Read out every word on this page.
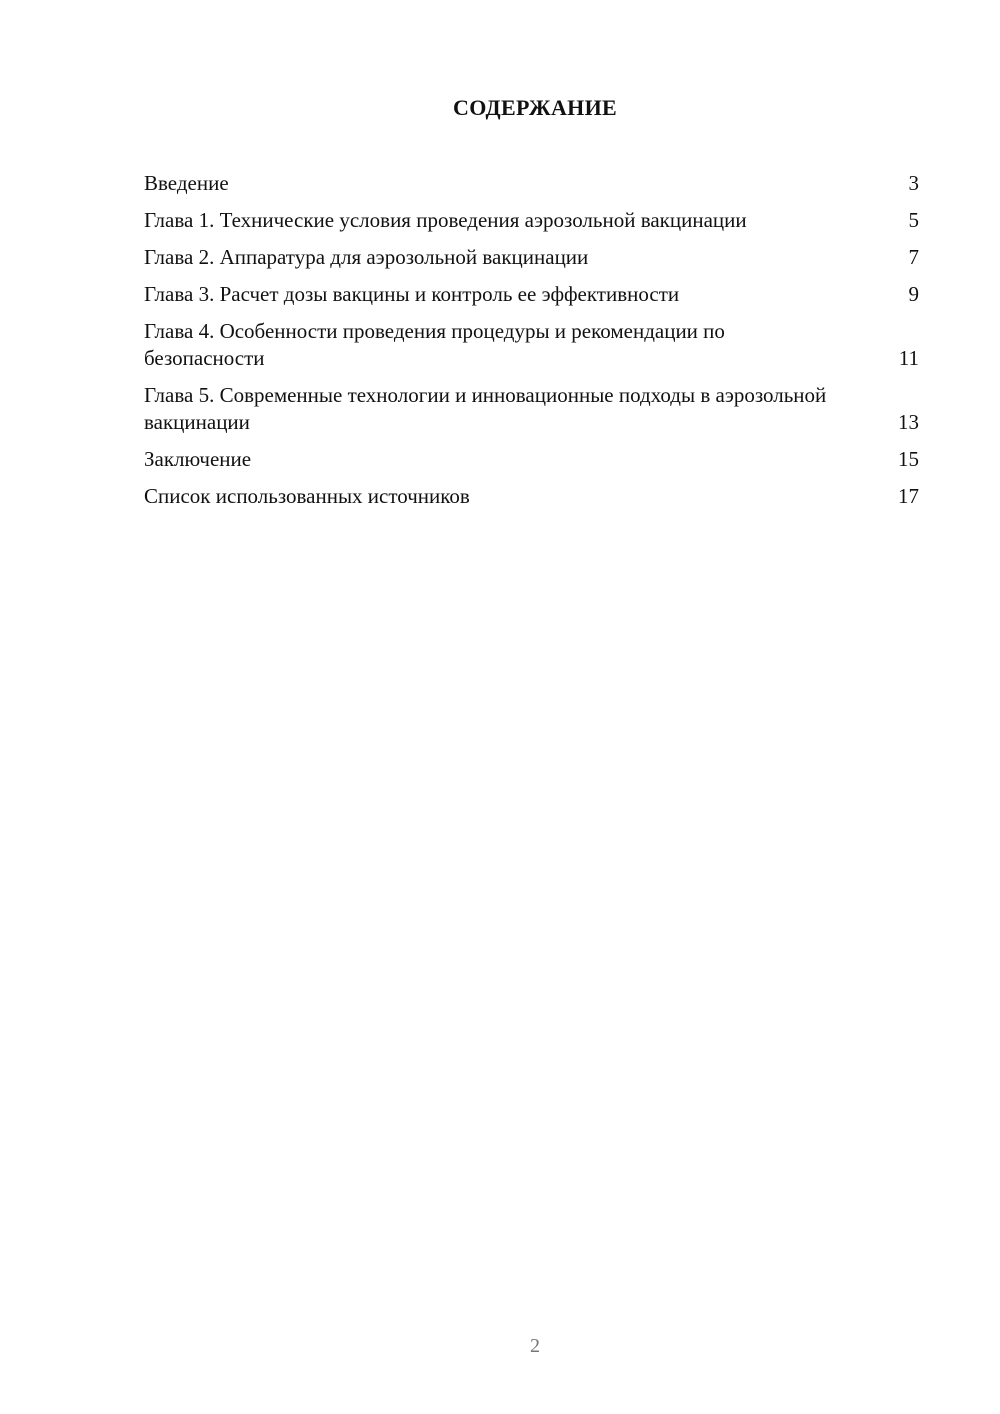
СОДЕРЖАНИЕ
Введение	3
Глава 1. Технические условия проведения аэрозольной вакцинации	5
Глава 2. Аппаратура для аэрозольной вакцинации	7
Глава 3. Расчет дозы вакцины и контроль ее эффективности	9
Глава 4. Особенности проведения процедуры и рекомендации по безопасности	11
Глава 5. Современные технологии и инновационные подходы в аэрозольной вакцинации	13
Заключение	15
Список использованных источников	17
2
